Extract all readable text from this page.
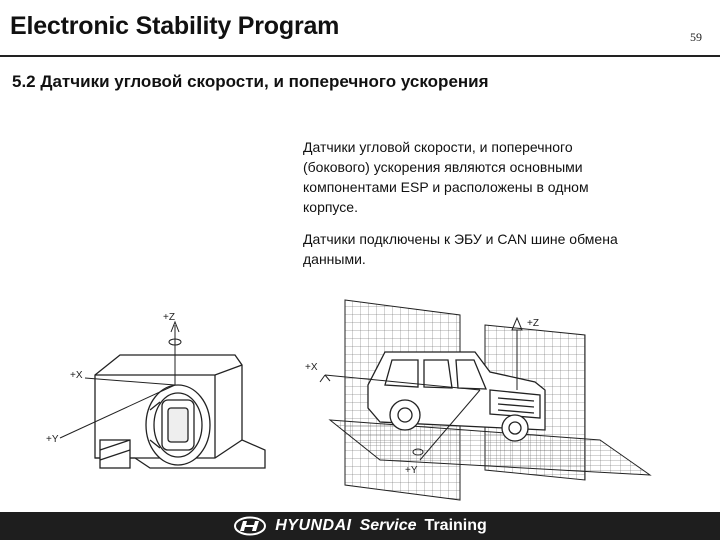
Electronic Stability Program	59
5.2 Датчики угловой скорости, и поперечного ускорения

Датчики угловой скорости, и поперечного (бокового) ускорения являются основными компонентами ESP и расположены в одном корпусе.

Датчики подключены к ЭБУ и CAN шине обмена данными.

+Z
+X
+Y
+Z
+X
+Y
HYUNDAI Service Training
